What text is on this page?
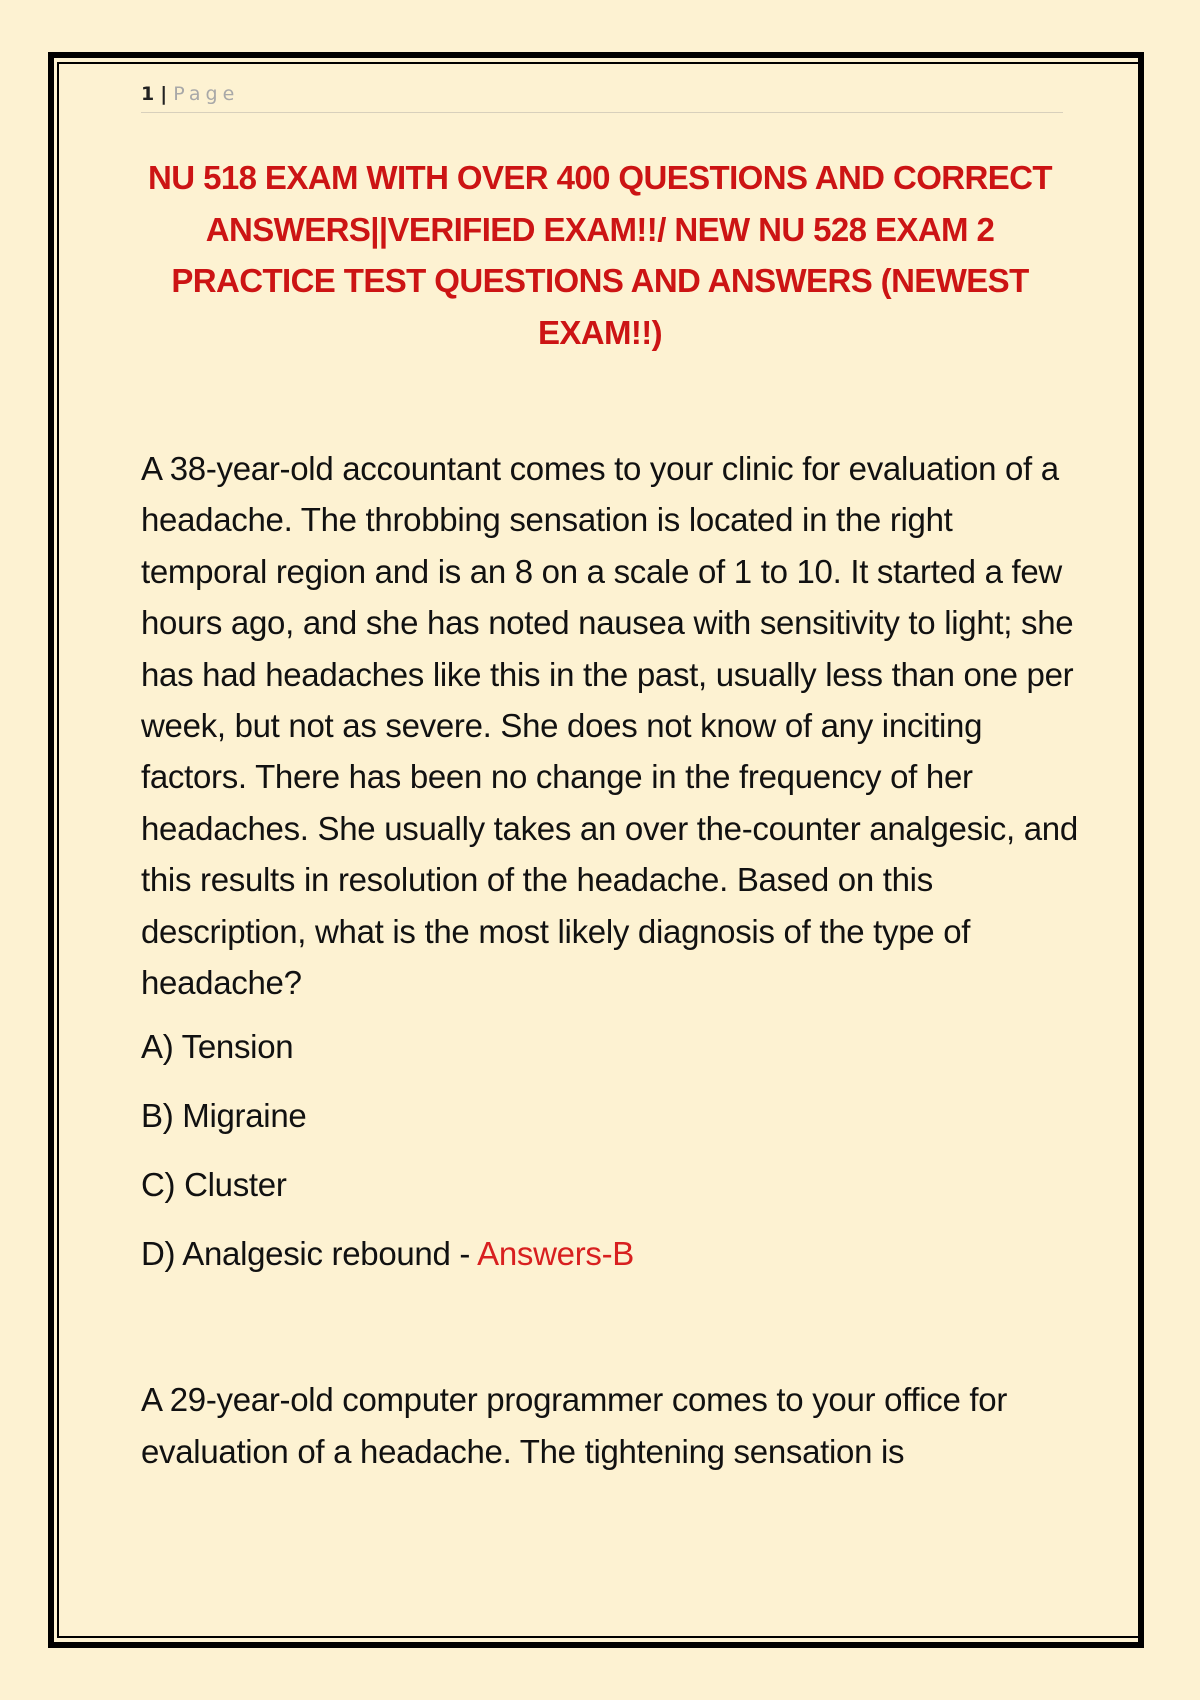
1 | Page
NU 518 EXAM WITH OVER 400 QUESTIONS AND CORRECT ANSWERS||VERIFIED EXAM!!/ NEW NU 528 EXAM 2 PRACTICE TEST QUESTIONS AND ANSWERS (NEWEST EXAM!!)

A 38-year-old accountant comes to your clinic for evaluation of a headache. The throbbing sensation is located in the right temporal region and is an 8 on a scale of 1 to 10. It started a few hours ago, and she has noted nausea with sensitivity to light; she has had headaches like this in the past, usually less than one per week, but not as severe. She does not know of any inciting factors. There has been no change in the frequency of her headaches. She usually takes an over the-counter analgesic, and this results in resolution of the headache. Based on this description, what is the most likely diagnosis of the type of headache?

A) Tension
B) Migraine
C) Cluster
D) Analgesic rebound - Answers-B

A 29-year-old computer programmer comes to your office for evaluation of a headache. The tightening sensation is
